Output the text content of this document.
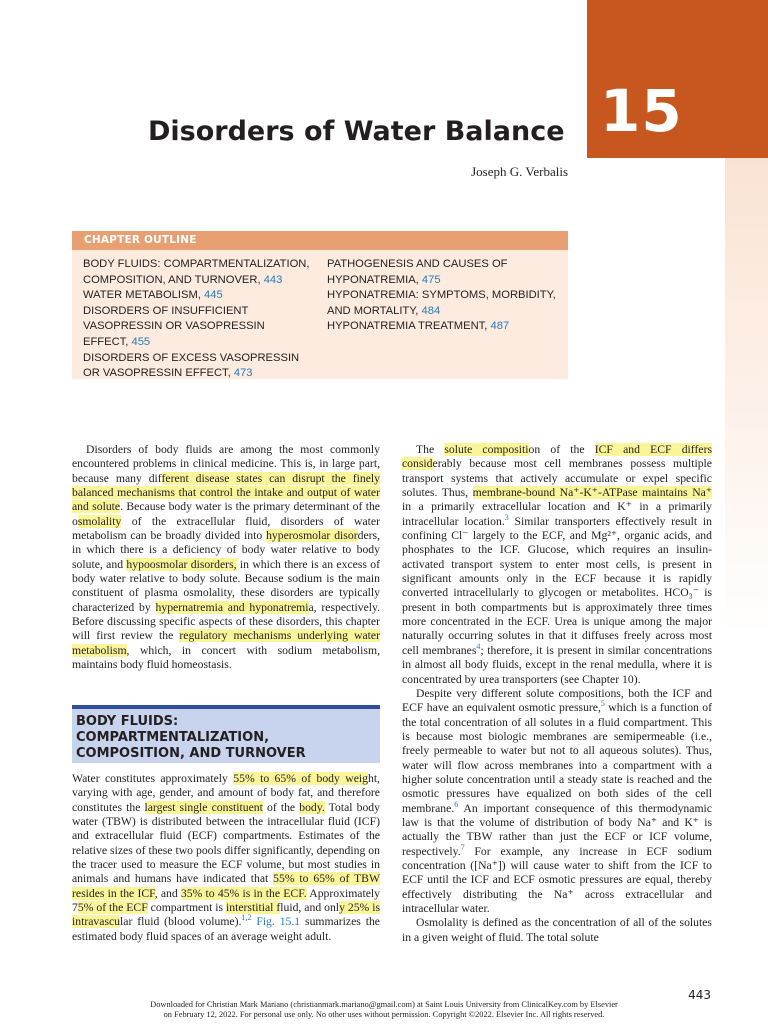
15
Disorders of Water Balance
Joseph G. Verbalis
CHAPTER OUTLINE

BODY FLUIDS: COMPARTMENTALIZATION, COMPOSITION, AND TURNOVER, 443

WATER METABOLISM, 445

DISORDERS OF INSUFFICIENT VASOPRESSIN OR VASOPRESSIN EFFECT, 455

DISORDERS OF EXCESS VASOPRESSIN OR VASOPRESSIN EFFECT, 473

PATHOGENESIS AND CAUSES OF HYPONATREMIA, 475

HYPONATREMIA: SYMPTOMS, MORBIDITY, AND MORTALITY, 484

HYPONATREMIA TREATMENT, 487

Disorders of body fluids are among the most commonly encountered problems in clinical medicine. This is, in large part, because many different disease states can disrupt the finely balanced mechanisms that control the intake and output of water and solute. Because body water is the primary determinant of the osmolality of the extracellular fluid, disorders of water metabolism can be broadly divided into hyperosmolar disorders, in which there is a deficiency of body water relative to body solute, and hypoosmolar disorders, in which there is an excess of body water relative to body solute. Because sodium is the main constituent of plasma osmolality, these disorders are typically characterized by hypernatremia and hyponatremia, respectively. Before discussing specific aspects of these disorders, this chapter will first review the regulatory mechanisms underlying water metabolism, which, in concert with sodium metabolism, maintains body fluid homeostasis.

BODY FLUIDS:
COMPARTMENTALIZATION,
COMPOSITION, AND TURNOVER

Water constitutes approximately 55% to 65% of body weight, varying with age, gender, and amount of body fat, and therefore constitutes the largest single constituent of the body. Total body water (TBW) is distributed between the intracellular fluid (ICF) and extracellular fluid (ECF) compartments. Estimates of the relative sizes of these two pools differ significantly, depending on the tracer used to measure the ECF volume, but most studies in animals and humans have indicated that 55% to 65% of TBW resides in the ICF, and 35% to 45% is in the ECF. Approximately 75% of the ECF compartment is interstitial fluid, and only 25% is intravascular fluid (blood volume).$^{1,2}$ Fig. 15.1 summarizes the estimated body fluid spaces of an average weight adult.

The solute composition of the ICF and ECF differs considerably because most cell membranes possess multiple transport systems that actively accumulate or expel specific solutes. Thus, membrane-bound Na⁺-K⁺-ATPase maintains Na⁺ in a primarily extracellular location and K⁺ in a primarily intracellular location.$^3$ Similar transporters effectively result in confining Cl⁻ largely to the ECF, and Mg²⁺, organic acids, and phosphates to the ICF. Glucose, which requires an insulin-activated transport system to enter most cells, is present in significant amounts only in the ECF because it is rapidly converted intracellularly to glycogen or metabolites. HCO₃⁻ is present in both compartments but is approximately three times more concentrated in the ECF. Urea is unique among the major naturally occurring solutes in that it diffuses freely across most cell membranes$^4$; therefore, it is present in similar concentrations in almost all body fluids, except in the renal medulla, where it is concentrated by urea transporters (see Chapter 10).

Despite very different solute compositions, both the ICF and ECF have an equivalent osmotic pressure,$^5$ which is a function of the total concentration of all solutes in a fluid compartment. This is because most biologic membranes are semipermeable (i.e., freely permeable to water but not to all aqueous solutes). Thus, water will flow across membranes into a compartment with a higher solute concentration until a steady state is reached and the osmotic pressures have equalized on both sides of the cell membrane.$^6$ An important consequence of this thermodynamic law is that the volume of distribution of body Na⁺ and K⁺ is actually the TBW rather than just the ECF or ICF volume, respectively.$^7$ For example, any increase in ECF sodium concentration ([Na⁺]) will cause water to shift from the ICF to ECF until the ICF and ECF osmotic pressures are equal, thereby effectively distributing the Na⁺ across extracellular and intracellular water.

Osmolality is defined as the concentration of all of the solutes in a given weight of fluid. The total solute

443
Downloaded for Christian Mark Mariano (christianmark.mariano@gmail.com) at Saint Louis University from ClinicalKey.com by Elsevier
on February 12, 2022. For personal use only. No other uses without permission. Copyright ©2022. Elsevier Inc. All rights reserved.
